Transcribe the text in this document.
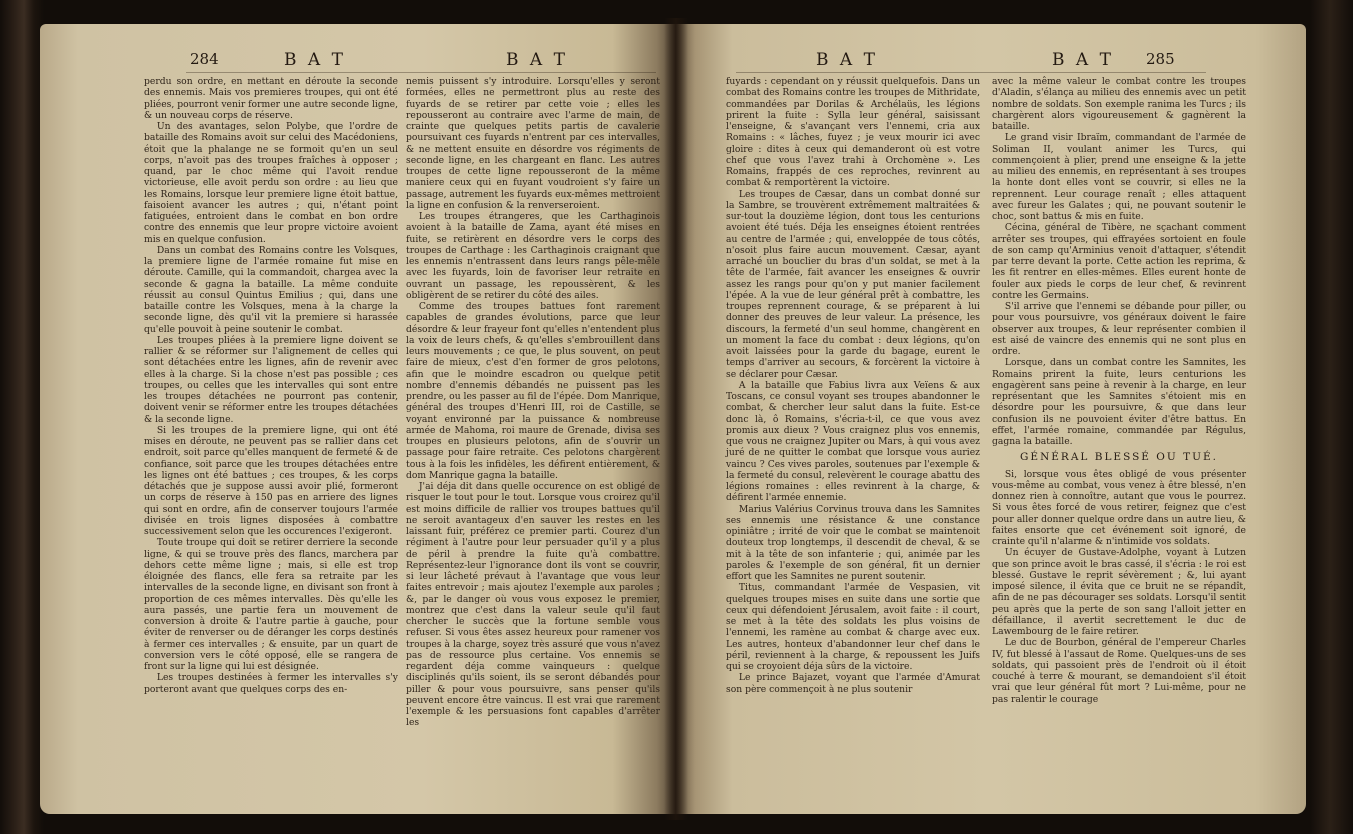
284	B A T	B A T

perdu son ordre, en mettant en déroute la seconde des ennemis. Mais vos premieres troupes, qui ont été pliées, pourront venir former une autre seconde ligne, & un nouveau corps de réserve.

Un des avantages, selon Polybe, que l'ordre de bataille des Romains avoit sur celui des Macédoniens, étoit que la phalange ne se formoit qu'en un seul corps, n'avoit pas des troupes fraîches à opposer ; quand, par le choc même qui l'avoit rendue victorieuse, elle avoit perdu son ordre : au lieu que les Romains, lorsque leur premiere ligne étoit battue, faisoient avancer les autres ; qui, n'étant point fatiguées, entroient dans le combat en bon ordre contre des ennemis que leur propre victoire avoient mis en quelque confusion.

Dans un combat des Romains contre les Volsques, la premiere ligne de l'armée romaine fut mise en déroute. Camille, qui la commandoit, chargea avec la seconde & gagna la bataille. La même conduite réussit au consul Quintus Emilius ; qui, dans une bataille contre les Volsques, mena à la charge la seconde ligne, dès qu'il vit la premiere si harassée qu'elle pouvoit à peine soutenir le combat.

Les troupes pliées à la premiere ligne doivent se rallier & se réformer sur l'alignement de celles qui sont détachées entre les lignes, afin de revenir avec elles à la charge. Si la chose n'est pas possible ; ces troupes, ou celles que les intervalles qui sont entre les troupes détachées ne pourront pas contenir, doivent venir se réformer entre les troupes détachées & la seconde ligne.

Si les troupes de la premiere ligne, qui ont été mises en déroute, ne peuvent pas se rallier dans cet endroit, soit parce qu'elles manquent de fermeté & de confiance, soit parce que les troupes détachées entre les lignes ont été battues ; ces troupes, & les corps détachés que je suppose aussi avoir plié, formeront un corps de réserve à 150 pas en arriere des lignes qui sont en ordre, afin de conserver toujours l'armée divisée en trois lignes disposées à combattre successivement selon que les occurences l'exigeront.

Toute troupe qui doit se retirer derriere la seconde ligne, & qui se trouve près des flancs, marchera par dehors cette même ligne ; mais, si elle est trop éloignée des flancs, elle fera sa retraite par les intervalles de la seconde ligne, en divisant son front à proportion de ces mêmes intervalles. Dès qu'elle les aura passés, une partie fera un mouvement de conversion à droite & l'autre partie à gauche, pour éviter de renverser ou de déranger les corps destinés à fermer ces intervalles ; & ensuite, par un quart de conversion vers le côté opposé, elle se rangera de front sur la ligne qui lui est désignée.

Les troupes destinées à fermer les intervalles s'y porteront avant que quelques corps des en-

nemis puissent s'y introduire. Lorsqu'elles y seront formées, elles ne permettront plus au reste des fuyards de se retirer par cette voie ; elles les repousseront au contraire avec l'arme de main, de crainte que quelques petits partis de cavalerie poursuivant ces fuyards n'entrent par ces intervalles, & ne mettent ensuite en désordre vos régiments de seconde ligne, en les chargeant en flanc. Les autres troupes de cette ligne repousseront de la même maniere ceux qui en fuyant voudroient s'y faire un passage, autrement les fuyards eux-mêmes mettroient la ligne en confusion & la renverseroient.

Les troupes étrangeres, que les Carthaginois avoient à la bataille de Zama, ayant été mises en fuite, se retirèrent en désordre vers le corps des troupes de Carthage : les Carthaginois craignant que les ennemis n'entrassent dans leurs rangs pêle-mêle avec les fuyards, loin de favoriser leur retraite en ouvrant un passage, les repoussèrent, & les obligèrent de se retirer du côté des ailes.

Comme des troupes battues font rarement capables de grandes évolutions, parce que leur désordre & leur frayeur font qu'elles n'entendent plus la voix de leurs chefs, & qu'elles s'embrouillent dans leurs mouvements ; ce que, le plus souvent, on peut faire de mieux, c'est d'en former de gros pelotons, afin que le moindre escadron ou quelque petit nombre d'ennemis débandés ne puissent pas les prendre, ou les passer au fil de l'épée. Dom Manrique, général des troupes d'Henri III, roi de Castille, se voyant environné par la puissance & nombreuse armée de Mahoma, roi maure de Grenade, divisa ses troupes en plusieurs pelotons, afin de s'ouvrir un passage pour faire retraite. Ces pelotons chargèrent tous à la fois les infidèles, les défirent entièrement, & dom Manrique gagna la bataille.

J'ai déja dit dans quelle occurence on est obligé de risquer le tout pour le tout. Lorsque vous croirez qu'il est moins difficile de rallier vos troupes battues qu'il ne seroit avantageux d'en sauver les restes en les laissant fuir, préférez ce premier parti. Courez d'un régiment à l'autre pour leur persuader qu'il y a plus de péril à prendre la fuite qu'à combattre. Représentez-leur l'ignorance dont ils vont se couvrir, si leur lâcheté prévaut à l'avantage que vous leur faites entrevoir ; mais ajoutez l'exemple aux paroles ; &, par le danger où vous vous exposez le premier, montrez que c'est dans la valeur seule qu'il faut chercher le succès que la fortune semble vous refuser. Si vous êtes assez heureux pour ramener vos troupes à la charge, soyez très assuré que vous n'avez pas de ressource plus certaine. Vos ennemis se regardent déja comme vainqueurs : quelque disciplinés qu'ils soient, ils se seront débandés pour piller & pour vous poursuivre, sans penser qu'ils peuvent encore être vaincus. Il est vrai que rarement l'exemple & les persuasions font capables d'arrêter les

B A T	B A T 285

fuyards : cependant on y réussit quelquefois. Dans un combat des Romains contre les troupes de Mithridate, commandées par Dorilas & Archélaüs, les légions prirent la fuite : Sylla leur général, saisissant l'enseigne, & s'avançant vers l'ennemi, cria aux Romains : « lâches, fuyez ; je veux mourir ici avec gloire : dites à ceux qui demanderont où est votre chef que vous l'avez trahi à Orchomène ». Les Romains, frappés de ces reproches, revinrent au combat & remportèrent la victoire.

Les troupes de Cæsar, dans un combat donné sur la Sambre, se trouvèrent extrêmement maltraitées & sur-tout la douzième légion, dont tous les centurions avoient été tués. Déja les enseignes étoient rentrées au centre de l'armée ; qui, enveloppée de tous côtés, n'osoit plus faire aucun mouvement. Cæsar, ayant arraché un bouclier du bras d'un soldat, se met à la tête de l'armée, fait avancer les enseignes & ouvrir assez les rangs pour qu'on y put manier facilement l'épée. A la vue de leur général prêt à combattre, les troupes reprennent courage, & se préparent à lui donner des preuves de leur valeur. La présence, les discours, la fermeté d'un seul homme, changèrent en un moment la face du combat : deux légions, qu'on avoit laissées pour la garde du bagage, eurent le temps d'arriver au secours, & forcèrent la victoire à se déclarer pour Cæsar.

A la bataille que Fabius livra aux Veïens & aux Toscans, ce consul voyant ses troupes abandonner le combat, & chercher leur salut dans la fuite. Est-ce donc là, ô Romains, s'écria-t-il, ce que vous avez promis aux dieux ? Vous craignez plus vos ennemis, que vous ne craignez Jupiter ou Mars, à qui vous avez juré de ne quitter le combat que lorsque vous auriez vaincu ? Ces vives paroles, soutenues par l'exemple & la fermeté du consul, relevèrent le courage abattu des légions romaines : elles revinrent à la charge, & défirent l'armée ennemie.

Marius Valérius Corvinus trouva dans les Samnites ses ennemis une résistance & une constance opiniâtre ; irrité de voir que le combat se maintenoit douteux trop longtemps, il descendit de cheval, & se mit à la tête de son infanterie ; qui, animée par les paroles & l'exemple de son général, fit un dernier effort que les Samnites ne purent soutenir.

Titus, commandant l'armée de Vespasien, vit quelques troupes mises en suite dans une sortie que ceux qui défendoient Jérusalem, avoit faite : il court, se met à la tête des soldats les plus voisins de l'ennemi, les ramène au combat & charge avec eux. Les autres, honteux d'abandonner leur chef dans le péril, reviennent à la charge, & repoussent les Juifs qui se croyoient déja sûrs de la victoire.

Le prince Bajazet, voyant que l'armée d'Amurat son père commençoit à ne plus soutenir

avec la même valeur le combat contre les troupes d'Aladin, s'élança au milieu des ennemis avec un petit nombre de soldats. Son exemple ranima les Turcs ; ils chargèrent alors vigoureusement & gagnèrent la bataille.

Le grand visir Ibraïm, commandant de l'armée de Soliman II, voulant animer les Turcs, qui commençoient à plier, prend une enseigne & la jette au milieu des ennemis, en représentant à ses troupes la honte dont elles vont se couvrir, si elles ne la reprennent. Leur courage renaît ; elles attaquent avec fureur les Galates ; qui, ne pouvant soutenir le choc, sont battus & mis en fuite.

Cécina, général de Tibère, ne sçachant comment arrêter ses troupes, qui effrayées sortoient en foule de son camp qu'Arminius venoit d'attaquer, s'étendit par terre devant la porte. Cette action les reprima, & les fit rentrer en elles-mêmes. Elles eurent honte de fouler aux pieds le corps de leur chef, & revinrent contre les Germains.

S'il arrive que l'ennemi se débande pour piller, ou pour vous poursuivre, vos généraux doivent le faire observer aux troupes, & leur représenter combien il est aisé de vaincre des ennemis qui ne sont plus en ordre.

Lorsque, dans un combat contre les Samnites, les Romains prirent la fuite, leurs centurions les engagèrent sans peine à revenir à la charge, en leur représentant que les Samnites s'étoient mis en désordre pour les poursuivre, & que dans leur confusion ils ne pouvoient éviter d'être battus. En effet, l'armée romaine, commandée par Régulus, gagna la bataille.

GÉNÉRAL BLESSÉ OU TUÉ.

Si, lorsque vous êtes obligé de vous présenter vous-même au combat, vous venez à être blessé, n'en donnez rien à connoître, autant que vous le pourrez. Si vous êtes forcé de vous retirer, feignez que c'est pour aller donner quelque ordre dans un autre lieu, & faites ensorte que cet événement soit ignoré, de crainte qu'il n'alarme & n'intimide vos soldats.

Un écuyer de Gustave-Adolphe, voyant à Lutzen que son prince avoit le bras cassé, il s'écria : le roi est blessé. Gustave le reprit sévèrement ; &, lui ayant imposé silence, il évita que ce bruit ne se répandît, afin de ne pas décourager ses soldats. Lorsqu'il sentit peu après que la perte de son sang l'alloit jetter en défaillance, il avertit secrettement le duc de Lawembourg de le faire retirer.

Le duc de Bourbon, général de l'empereur Charles IV, fut blessé à l'assaut de Rome. Quelques-uns de ses soldats, qui passoient près de l'endroit où il étoit couché à terre & mourant, se demandoient s'il étoit vrai que leur général fût mort ? Lui-même, pour ne pas ralentir le courage
